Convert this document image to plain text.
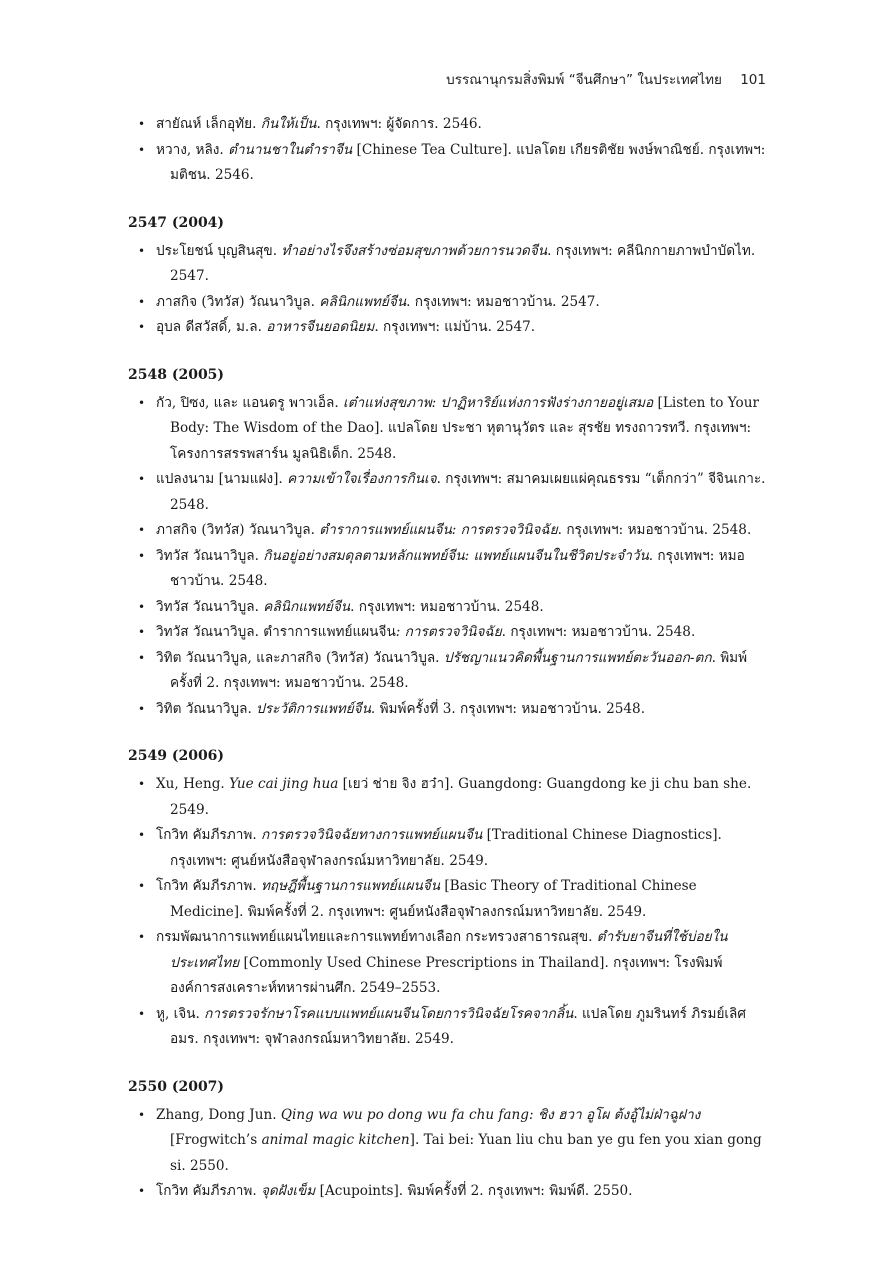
บรรณานุกรมสิ่งพิมพ์ “จีนศึกษา” ในประเทศไทย 101
• สายัณห์ เล็กอุทัย. กินให้เป็น. กรุงเทพฯ: ผู้จัดการ. 2546.
• หวาง, หลิง. ตำนานชาในตำราจีน [Chinese Tea Culture]. แปลโดย เกียรติชัย พงษ์พาณิชย์. กรุงเทพฯ: มติชน. 2546.
2547 (2004)
• ประโยชน์ บุญสินสุข. ทำอย่างไรจึงสร้างซ่อมสุขภาพด้วยการนวดจีน. กรุงเทพฯ: คลีนิกกายภาพบำบัดไท. 2547.
• ภาสกิจ (วิทวัส) วัณนาวิบูล. คลินิกแพทย์จีน. กรุงเทพฯ: หมอชาวบ้าน. 2547.
• อุบล ดีสวัสดิ์, ม.ล. อาหารจีนยอดนิยม. กรุงเทพฯ: แม่บ้าน. 2547.
2548 (2005)
• กัว, ปิซง, และ แอนดรู พาวเอ็ล. เต๋าแห่งสุขภาพ: ปาฏิหาริย์แห่งการฟังร่างกายอยู่เสมอ [Listen to Your Body: The Wisdom of the Dao]. แปลโดย ประชา หุตานุวัตร และ สุรชัย ทรงถาวรทวี. กรุงเทพฯ: โครงการสรรพสาร์น มูลนิธิเด็ก. 2548.
• แปลงนาม [นามแฝง]. ความเข้าใจเรื่องการกินเจ. กรุงเทพฯ: สมาคมเผยแผ่คุณธรรม “เต็กกว่า” จีจินเกาะ. 2548.
• ภาสกิจ (วิทวัส) วัณนาวิบูล. ตำราการแพทย์แผนจีน: การตรวจวินิจฉัย. กรุงเทพฯ: หมอชาวบ้าน. 2548.
• วิทวัส วัณนาวิบูล. กินอยู่อย่างสมดุลตามหลักแพทย์จีน: แพทย์แผนจีนในชีวิตประจำวัน. กรุงเทพฯ: หมอชาวบ้าน. 2548.
• วิทวัส วัณนาวิบูล. คลินิกแพทย์จีน. กรุงเทพฯ: หมอชาวบ้าน. 2548.
• วิทวัส วัณนาวิบูล. ตำราการแพทย์แผนจีน: การตรวจวินิจฉัย. กรุงเทพฯ: หมอชาวบ้าน. 2548.
• วิทิต วัณนาวิบูล, และภาสกิจ (วิทวัส) วัณนาวิบูล. ปรัชญาแนวคิดพื้นฐานการแพทย์ตะวันออก-ตก. พิมพ์ครั้งที่ 2. กรุงเทพฯ: หมอชาวบ้าน. 2548.
• วิทิต วัณนาวิบูล. ประวัติการแพทย์จีน. พิมพ์ครั้งที่ 3. กรุงเทพฯ: หมอชาวบ้าน. 2548.
2549 (2006)
• Xu, Heng. Yue cai jing hua [เยว่ ช่าย จิง ฮว๋า]. Guangdong: Guangdong ke ji chu ban she. 2549.
• โกวิท คัมภีรภาพ. การตรวจวินิจฉัยทางการแพทย์แผนจีน [Traditional Chinese Diagnostics]. กรุงเทพฯ: ศูนย์หนังสือจุฬาลงกรณ์มหาวิทยาลัย. 2549.
• โกวิท คัมภีรภาพ. ทฤษฎีพื้นฐานการแพทย์แผนจีน [Basic Theory of Traditional Chinese Medicine]. พิมพ์ครั้งที่ 2. กรุงเทพฯ: ศูนย์หนังสือจุฬาลงกรณ์มหาวิทยาลัย. 2549.
• กรมพัฒนาการแพทย์แผนไทยและการแพทย์ทางเลือก กระทรวงสาธารณสุข. ตำรับยาจีนที่ใช้บ่อยในประเทศไทย [Commonly Used Chinese Prescriptions in Thailand]. กรุงเทพฯ: โรงพิมพ์องค์การสงเคราะห์ทหารผ่านศึก. 2549–2553.
• หู, เจิน. การตรวจรักษาโรคแบบแพทย์แผนจีนโดยการวินิจฉัยโรคจากลิ้น. แปลโดย ภูมรินทร์ ภิรมย์เลิศอมร. กรุงเทพฯ: จุฬาลงกรณ์มหาวิทยาลัย. 2549.
2550 (2007)
• Zhang, Dong Jun. Qing wa wu po dong wu fa chu fang: ชิง ฮวา อูโผ ต้งอู้ไม่ฝ่าฉูฝาง [Frogwitch’s animal magic kitchen]. Tai bei: Yuan liu chu ban ye gu fen you xian gong si. 2550.
• โกวิท คัมภีรภาพ. จุดฝังเข็ม [Acupoints]. พิมพ์ครั้งที่ 2. กรุงเทพฯ: พิมพ์ดี. 2550.
